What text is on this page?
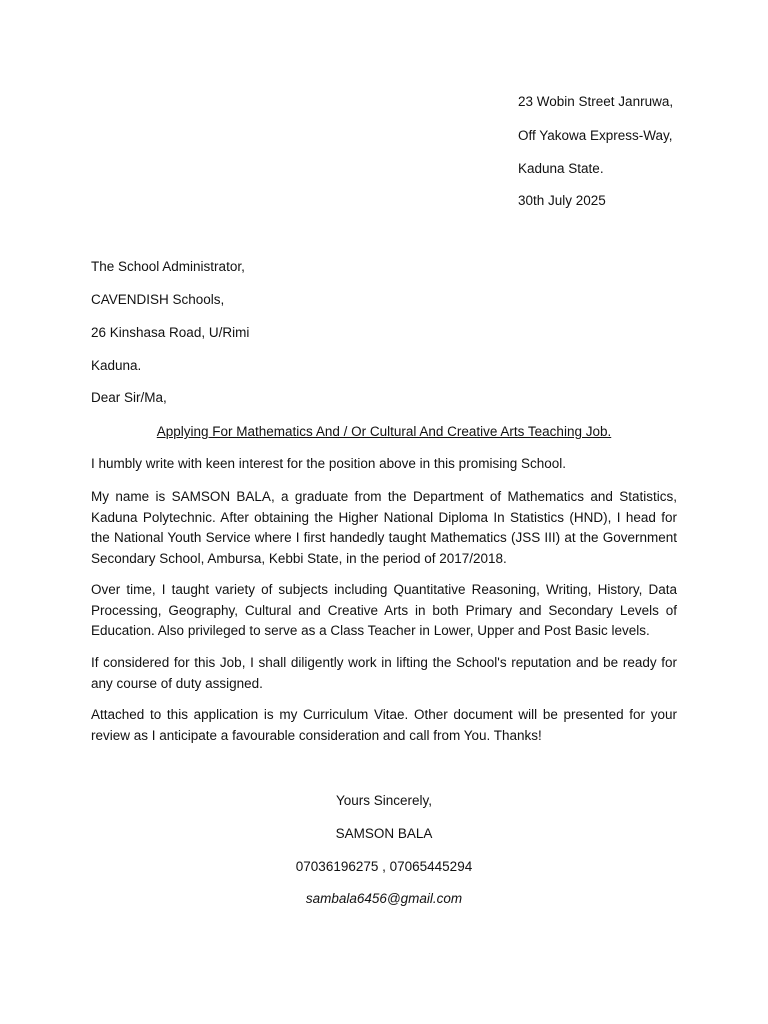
23 Wobin Street Janruwa,
Off Yakowa Express-Way,
Kaduna State.
30th July 2025
The School Administrator,
CAVENDISH Schools,
26 Kinshasa Road, U/Rimi
Kaduna.
Dear Sir/Ma,
Applying For Mathematics And / Or Cultural And Creative Arts Teaching Job.

I humbly write with keen interest for the position above in this promising School.

My name is SAMSON BALA, a graduate from the Department of Mathematics and Statistics, Kaduna Polytechnic. After obtaining the Higher National Diploma In Statistics (HND), I head for the National Youth Service where I first handedly taught Mathematics (JSS III) at the Government Secondary School, Ambursa, Kebbi State, in the period of 2017/2018.

Over time, I taught variety of subjects including Quantitative Reasoning, Writing, History, Data Processing, Geography, Cultural and Creative Arts in both Primary and Secondary Levels of Education. Also privileged to serve as a Class Teacher in Lower, Upper and Post Basic levels.

If considered for this Job, I shall diligently work in lifting the School's reputation and be ready for any course of duty assigned.

Attached to this application is my Curriculum Vitae. Other document will be presented for your review as I anticipate a favourable consideration and call from You. Thanks!

Yours Sincerely,
SAMSON BALA
07036196275 , 07065445294
sambala6456@gmail.com
